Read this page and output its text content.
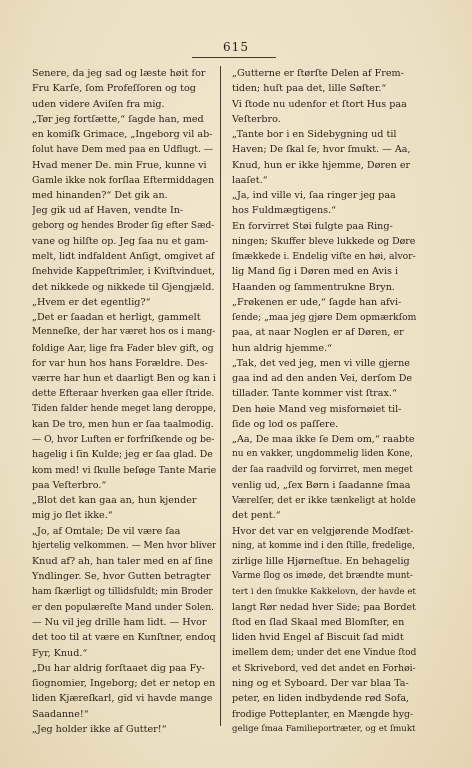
615
Senere, da jeg sad og læste høit for
Fru Karſe, ſom Profeſſoren og tog
uden videre Aviſen fra mig.
„Tør jeg fortſætte,“ ſagde han, med
en komiſk Grimace, „Ingeborg vil ab-
ſolut have Dem med paa en Udflugt. —
Hvad mener De. min Frue, kunne vi
Gamle ikke nok forſlaa Eftermiddagen
med hinanden?“ Det gik an.
Jeg gik ud af Haven, vendte In-
geborg og hendes Broder ſig efter Sæd-
vane og hilſte op. Jeg ſaa nu et gam-
melt, lidt indfaldent Anſigt, omgivet af
ſnehvide Kappeſtrimler, i Kviſtvinduet,
det nikkede og nikkede til Gjengjæld.
„Hvem er det egentlig?“
„Det er ſaadan et herligt, gammelt
Menneſke, der har været hos os i mang-
foldige Aar, lige fra Fader blev gift, og
for var hun hos hans Forældre. Des-
værre har hun et daarligt Ben og kan i
dette Efteraar hverken gaa eller ſtride.
Tiden falder hende meget lang deroppe,
kan De tro, men hun er ſaa taalmodig.
— O, hvor Luften er forfriſkende og be-
hagelig i ſin Kulde; jeg er ſaa glad. De
kom med! vi ſkulle beſøge Tante Marie
paa Veſterbro.“
„Blot det kan gaa an, hun kjender
mig jo ſlet ikke.“
„Jo, af Omtale; De vil være ſaa
hjertelig velkommen. — Men hvor bliver
Knud af? ah, han taler med en af ſine
Yndlinger. Se, hvor Gutten betragter
ham ſkærligt og tillidsfuldt; min Broder
er den populæreſte Mand under Solen.
— Nu vil jeg drille ham lidt. — Hvor
det too til at være en Kunſtner, endoq
Fyr, Knud.“
„Du har aldrig forſtaaet dig paa Fy-
ſiognomier, Ingeborg; det er netop en
liden Kjæreſkarl, gid vi havde mange
Saadanne!“
„Jeg holder ikke af Gutter!“
„Gutterne er ſtørſte Delen af Frem-
tiden; huſt paa det, lille Søſter.“
Vi ſtode nu udenfor et ſtort Hus paa
Veſterbro.
„Tante bor i en Sidebygning ud til
Haven; De ſkal ſe, hvor ſmukt. — Aa,
Knud, hun er ikke hjemme, Døren er
laaſet.“
„Ja, ind ville vi, ſaa ringer jeg paa
hos Fuldmægtigens.“
En forvirret Støi fulgte paa Ring-
ningen; Skuffer bleve lukkede og Døre
ſmækkede i. Endelig viſte en høi, alvor-
lig Mand ſig i Døren med en Avis i
Haanden og ſammentrukne Bryn.
„Frøkenen er ude,“ ſagde han afvi-
ſende; „maa jeg gjøre Dem opmærkſom
paa, at naar Noglen er af Døren, er
hun aldrig hjemme.“
„Tak, det ved jeg, men vi ville gjerne
gaa ind ad den anden Vei, derſom De
tillader. Tante kommer vist ſtrax.“
Den høie Mand veg misfornøiet til-
ſide og lod os paſſere.
„Aa, De maa ikke ſe Dem om,“ raabte
nu en vakker, ungdommelig liden Kone,
der ſaa raadvild og forvirret, men meget
venlig ud, „ſex Børn i ſaadanne ſmaa
Værelſer, det er ikke tænkeligt at holde
det pent.“
Hvor det var en velgjørende Modſæt-
ning, at komme ind i den ſtille, fredelige,
zirlige lille Hjørneſtue. En behagelig
Varme ſlog os imøde, det brændte munt-
tert i den ſmukke Kakkelovn, der havde et
langt Rør nedad hver Side; paa Bordet
ſtod en ſlad Skaal med Blomſter, en
liden hvid Engel af Biscuit ſad midt
imellem dem; under det ene Vindue ſtod
et Skrivebord, ved det andet en Forhøi-
ning og et Syboard. Der var blaa Ta-
peter, en liden indbydende rød Sofa,
frodige Potteplanter, en Mængde hyg-
gelige ſmaa Familieportræter, og et ſmukt
